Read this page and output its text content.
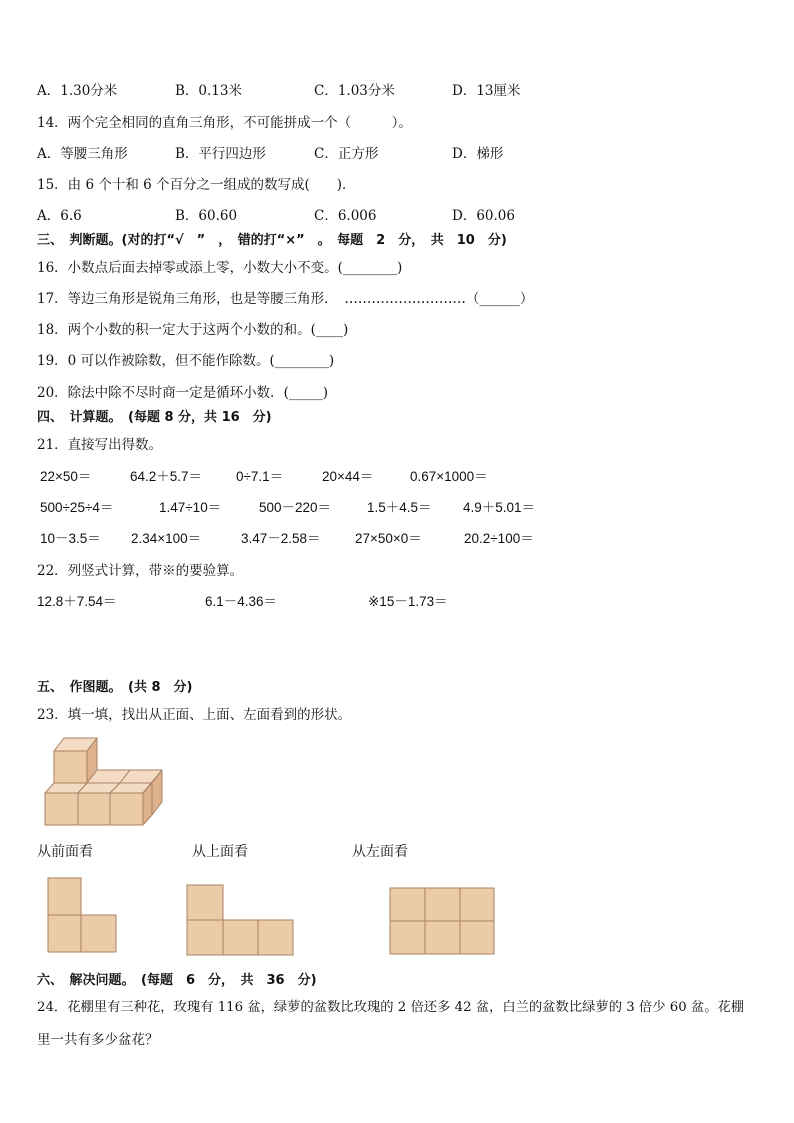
A．1.30分米	B．0.13米	C．1.03分米	D．13厘米
14．两个完全相同的直角三角形，不可能拼成一个（　　　）。
A．等腰三角形	B．平行四边形	C．正方形	D．梯形
15．由 6 个十和 6 个百分之一组成的数写成(　　)．
A．6.6	B．60.60	C．6.006	D．60.06
三、　判断题。(对的打“√　”　，　错的打“×”　。　每题　2　分，　共　10　分)
16．小数点后面去掉零或添上零，小数大小不变。(________)
17．等边三角形是锐角三角形，也是等腰三角形．　………………………（______）
18．两个小数的积一定大于这两个小数的和。(____)
19．0 可以作被除数，但不能作除数。(________)
20．除法中除不尽时商一定是循环小数．(_____)
四、　计算题。　(每题 8 分，共 16　分)
21．直接写出得数。
22×50＝	64.2＋5.7＝	0÷7.1＝	20×44＝	0.67×1000＝
500÷25÷4＝	1.47÷10＝	500－220＝	1.5＋4.5＝ 4.9＋5.01＝
10－3.5＝ 2.34×100＝	3.47－2.58＝	27×50×0＝	20.2÷100＝
22．列竖式计算，带※的要验算。
12.8＋7.54＝	6.1－4.36＝	※15－1.73＝
五、　作图题。　(共 8　分)
23．填一填，找出从正面、上面、左面看到的形状。
从前面看	从上面看	从左面看
六、　解决问题。　(每题　6　分，　共　36　分)
24．花棚里有三种花，玫瑰有 116 盆，绿萝的盆数比玫瑰的 2 倍还多 42 盆，白兰的盆数比绿萝的 3 倍少 60 盆。花棚
里一共有多少盆花？
